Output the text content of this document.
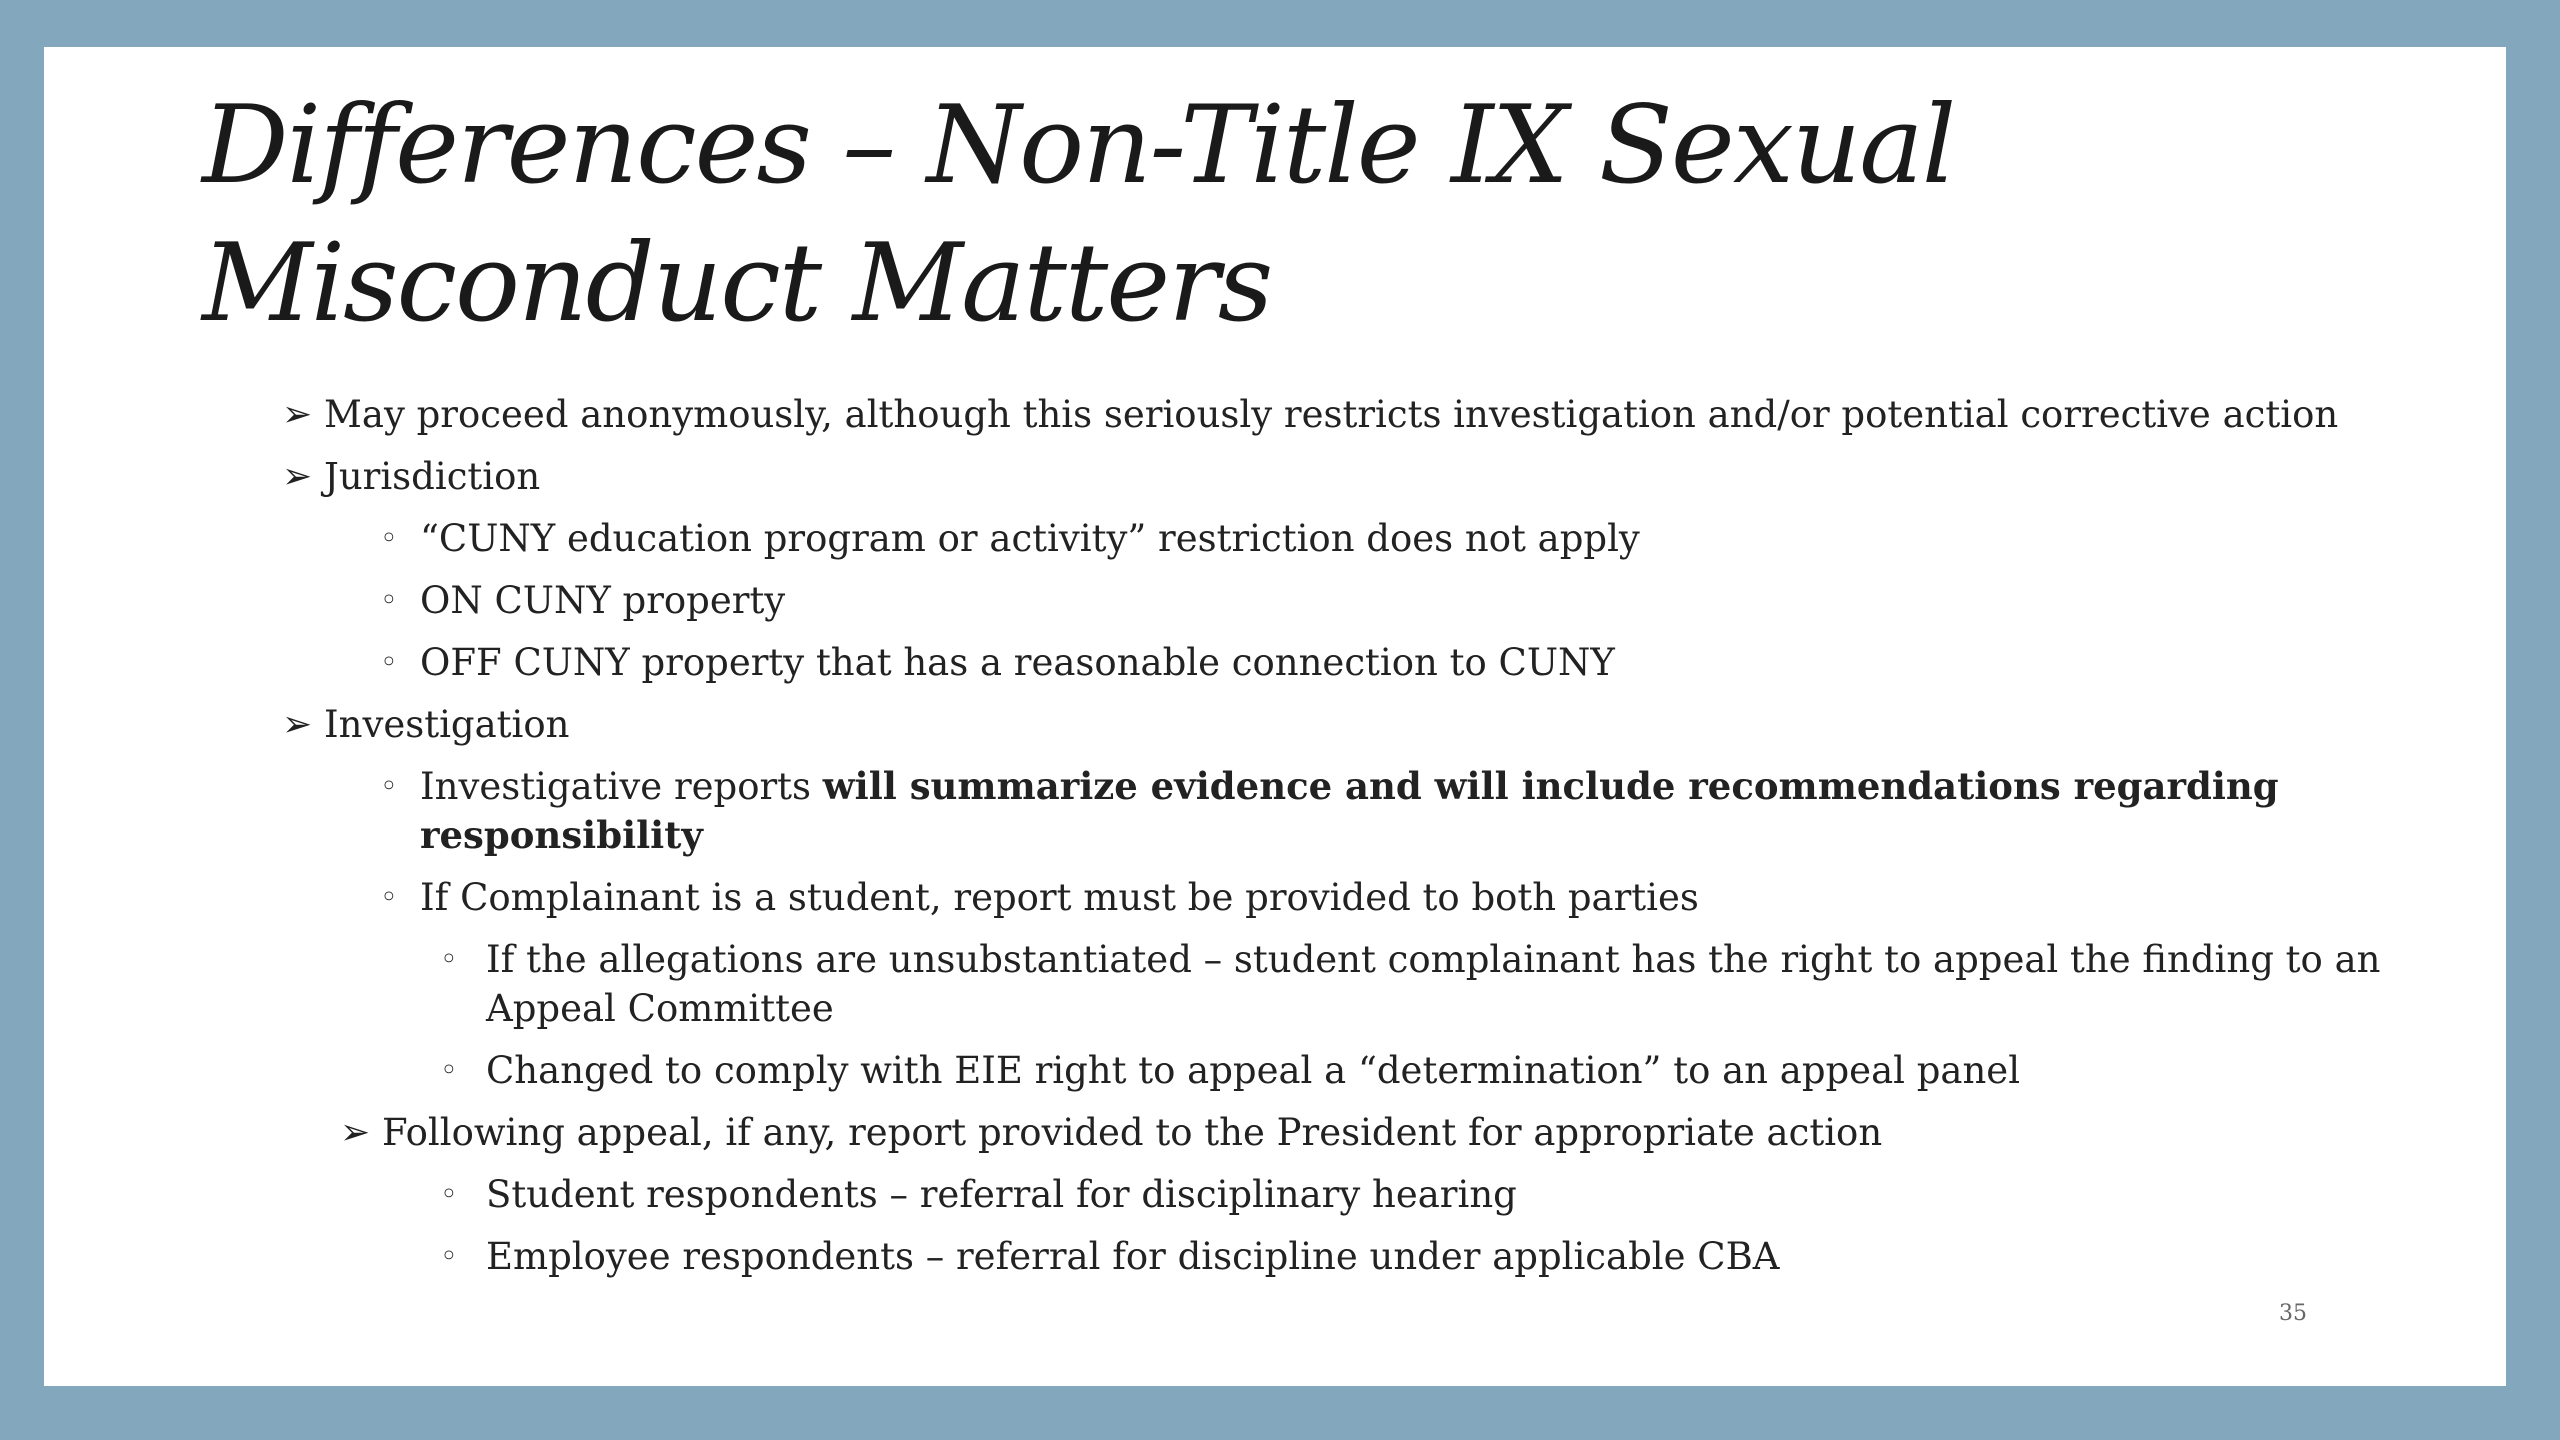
Differences – Non-Title IX Sexual Misconduct Matters
➢ May proceed anonymously, although this seriously restricts investigation and/or potential corrective action
➢ Jurisdiction
◦ “CUNY education program or activity” restriction does not apply
◦ ON CUNY property
◦ OFF CUNY property that has a reasonable connection to CUNY
➢ Investigation
◦ Investigative reports will summarize evidence and will include recommendations regarding responsibility
◦ If Complainant is a student, report must be provided to both parties
◦ If the allegations are unsubstantiated – student complainant has the right to appeal the finding to an Appeal Committee
◦ Changed to comply with EIE right to appeal a “determination” to an appeal panel
➢ Following appeal, if any, report provided to the President for appropriate action
◦ Student respondents – referral for disciplinary hearing
◦ Employee respondents – referral for discipline under applicable CBA
35
